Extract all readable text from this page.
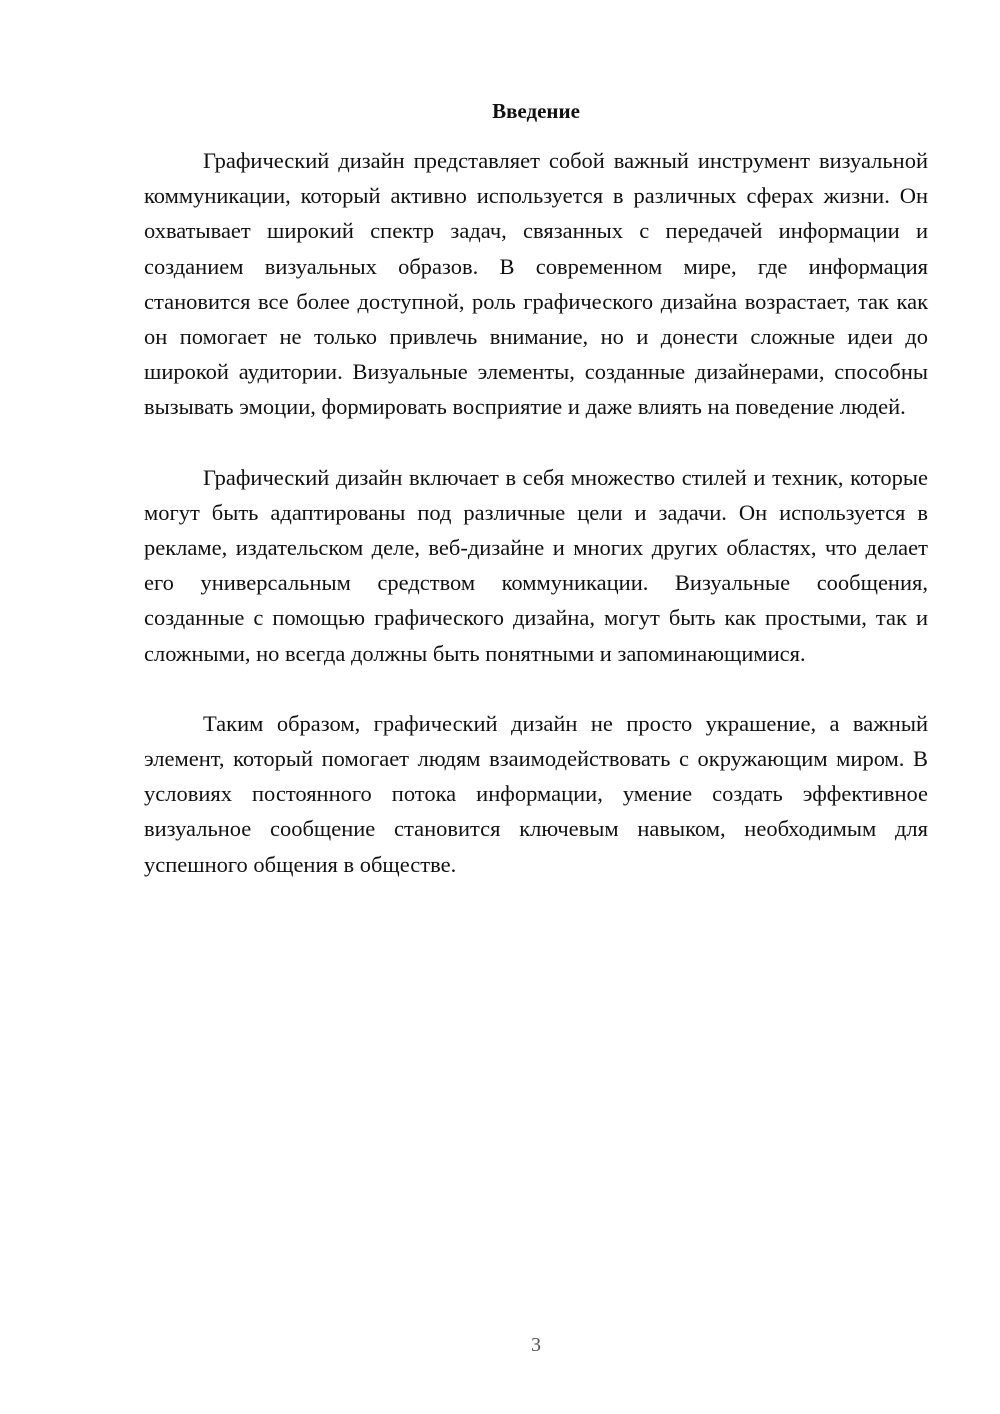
Введение

Графический дизайн представляет собой важный инструмент визуальной коммуникации, который активно используется в различных сферах жизни. Он охватывает широкий спектр задач, связанных с передачей информации и созданием визуальных образов. В современном мире, где информация становится все более доступной, роль графического дизайна возрастает, так как он помогает не только привлечь внимание, но и донести сложные идеи до широкой аудитории. Визуальные элементы, созданные дизайнерами, способны вызывать эмоции, формировать восприятие и даже влиять на поведение людей.

Графический дизайн включает в себя множество стилей и техник, которые могут быть адаптированы под различные цели и задачи. Он используется в рекламе, издательском деле, веб-дизайне и многих других областях, что делает его универсальным средством коммуникации. Визуальные сообщения, созданные с помощью графического дизайна, могут быть как простыми, так и сложными, но всегда должны быть понятными и запоминающимися.

Таким образом, графический дизайн не просто украшение, а важный элемент, который помогает людям взаимодействовать с окружающим миром. В условиях постоянного потока информации, умение создать эффективное визуальное сообщение становится ключевым навыком, необходимым для успешного общения в обществе.

3
